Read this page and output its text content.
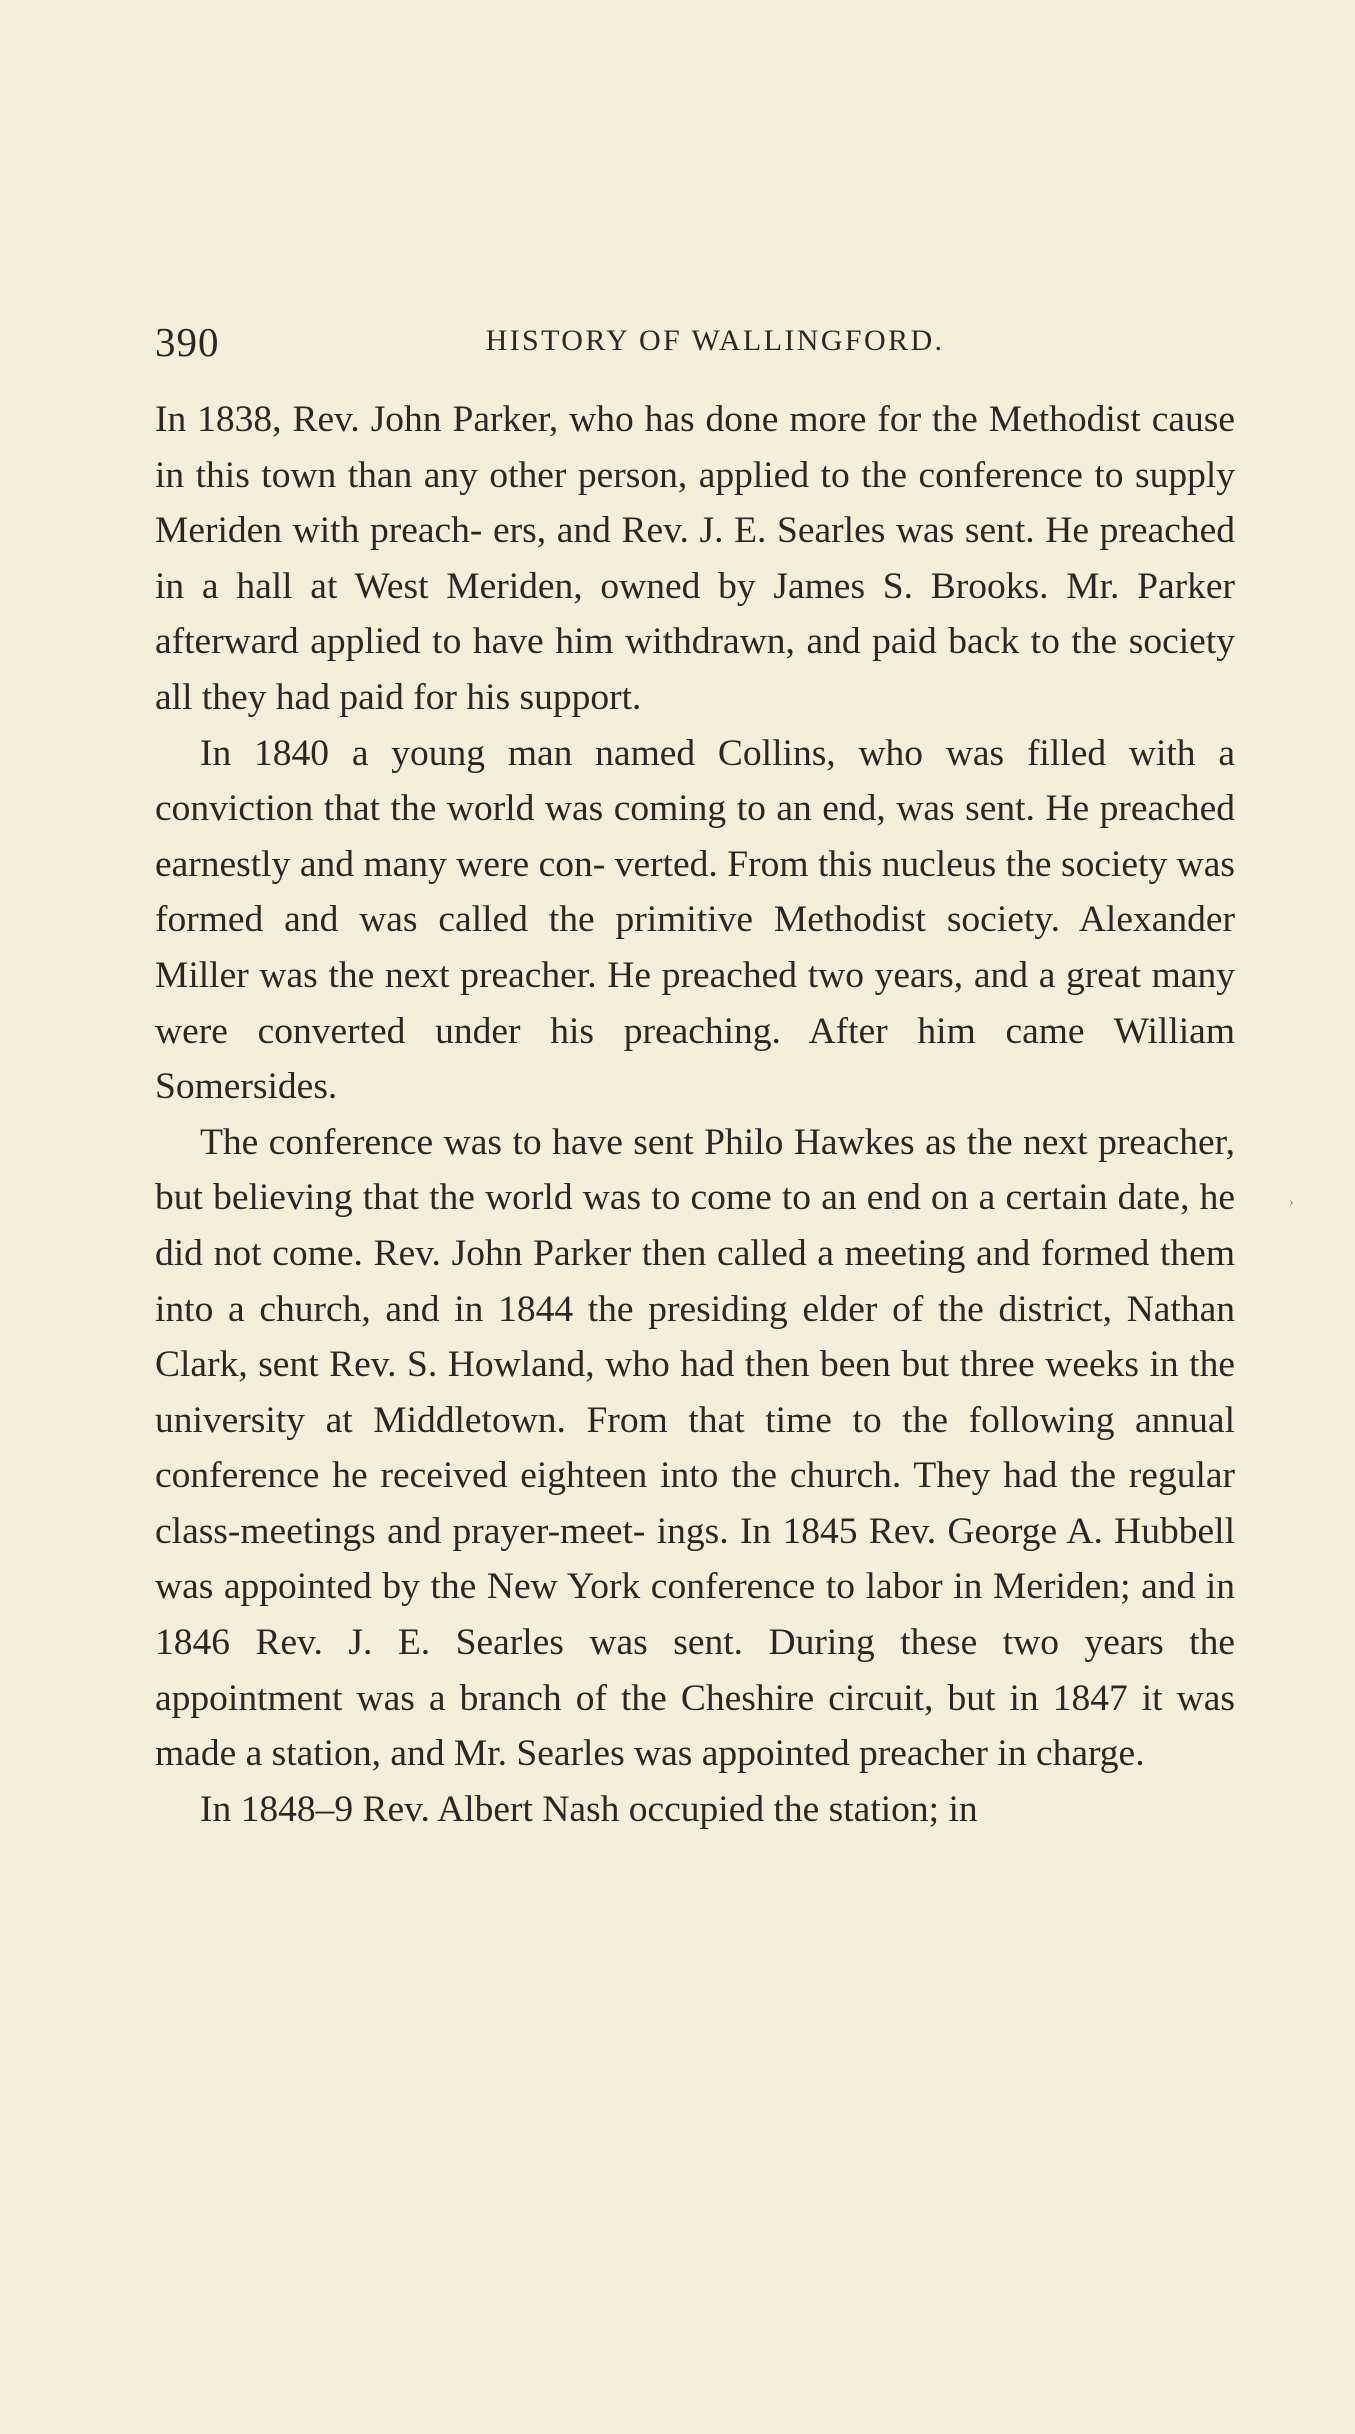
390	HISTORY OF WALLINGFORD.

In 1838, Rev. John Parker, who has done more for the Methodist cause in this town than any other person, applied to the conference to supply Meriden with preach- ers, and Rev. J. E. Searles was sent. He preached in a hall at West Meriden, owned by James S. Brooks. Mr. Parker afterward applied to have him withdrawn, and paid back to the society all they had paid for his support.

In 1840 a young man named Collins, who was filled with a conviction that the world was coming to an end, was sent. He preached earnestly and many were con- verted. From this nucleus the society was formed and was called the primitive Methodist society. Alexander Miller was the next preacher. He preached two years, and a great many were converted under his preaching. After him came William Somersides.

The conference was to have sent Philo Hawkes as the next preacher, but believing that the world was to come to an end on a certain date, he did not come. Rev. John Parker then called a meeting and formed them into a church, and in 1844 the presiding elder of the district, Nathan Clark, sent Rev. S. Howland, who had then been but three weeks in the university at Middletown. From that time to the following annual conference he received eighteen into the church. They had the regular class-meetings and prayer-meet- ings. In 1845 Rev. George A. Hubbell was appointed by the New York conference to labor in Meriden; and in 1846 Rev. J. E. Searles was sent. During these two years the appointment was a branch of the Cheshire circuit, but in 1847 it was made a station, and Mr. Searles was appointed preacher in charge.

In 1848–9 Rev. Albert Nash occupied the station; in

›
